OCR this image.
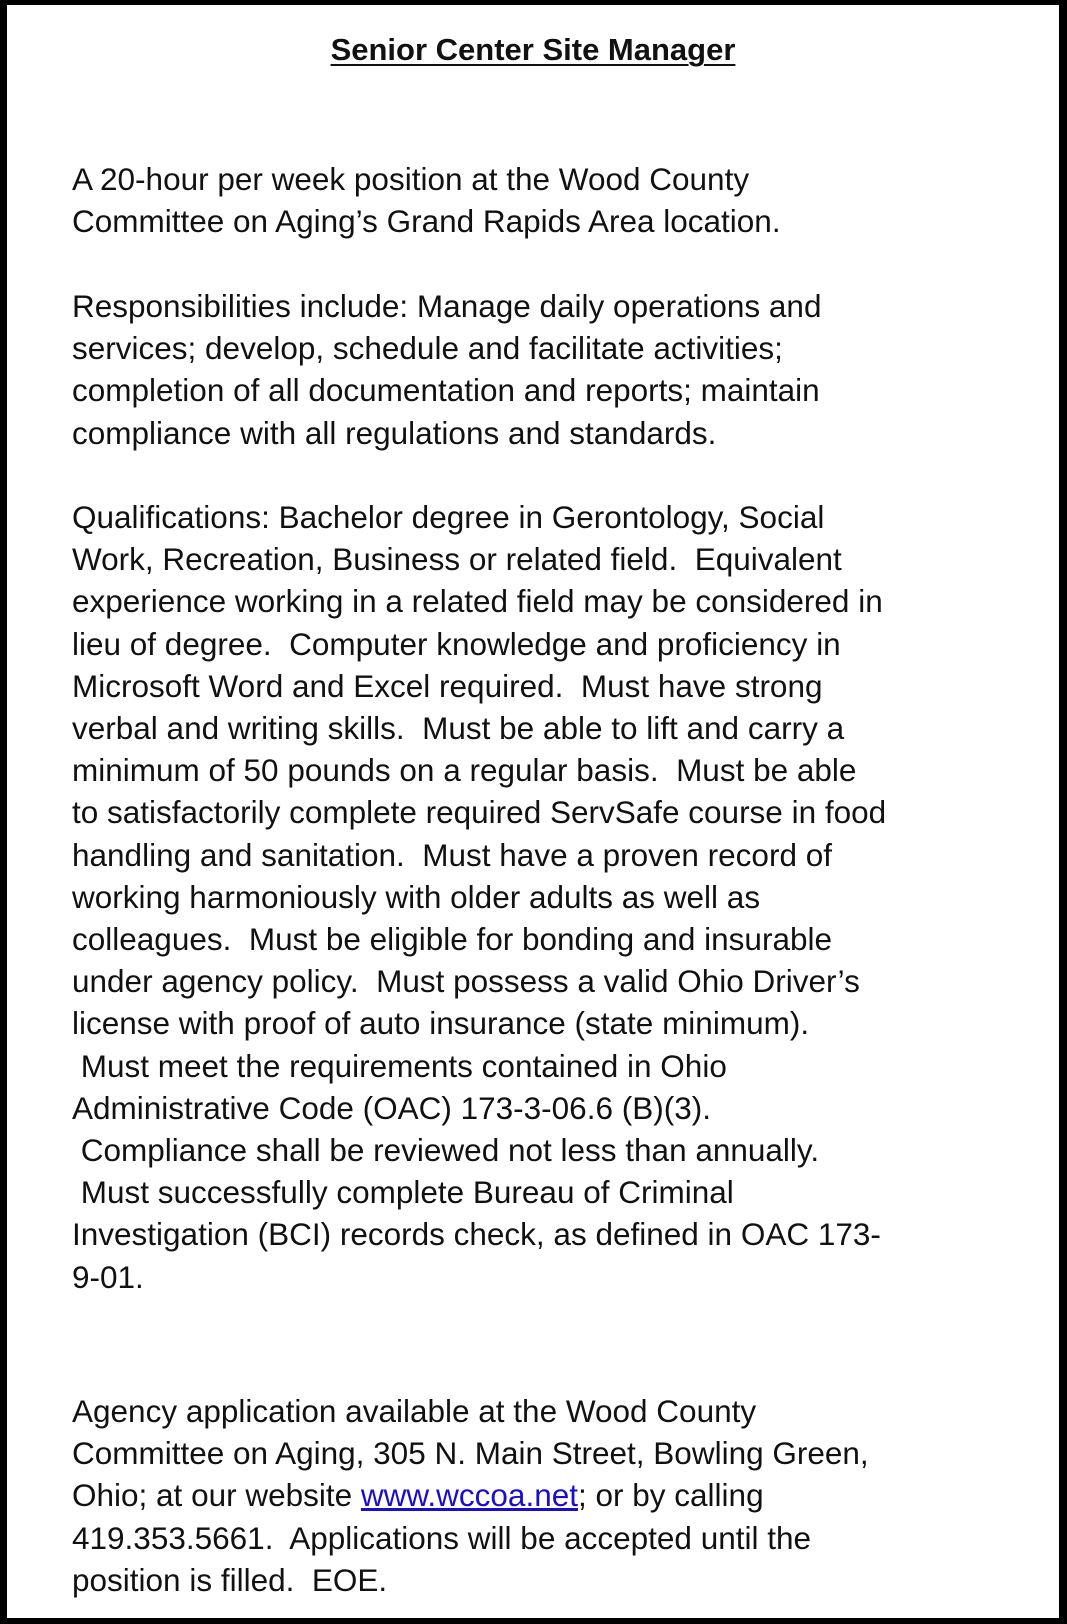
Senior Center Site Manager
A 20-hour per week position at the Wood County
Committee on Aging’s Grand Rapids Area location.
Responsibilities include: Manage daily operations and
services; develop, schedule and facilitate activities;
completion of all documentation and reports; maintain
compliance with all regulations and standards.
Qualifications: Bachelor degree in Gerontology, Social
Work, Recreation, Business or related field.  Equivalent
experience working in a related field may be considered in
lieu of degree.  Computer knowledge and proficiency in
Microsoft Word and Excel required.  Must have strong
verbal and writing skills.  Must be able to lift and carry a
minimum of 50 pounds on a regular basis.  Must be able
to satisfactorily complete required ServSafe course in food
handling and sanitation.  Must have a proven record of
working harmoniously with older adults as well as
colleagues.  Must be eligible for bonding and insurable
under agency policy.  Must possess a valid Ohio Driver’s
license with proof of auto insurance (state minimum).
Must meet the requirements contained in Ohio
Administrative Code (OAC) 173-3-06.6 (B)(3).
Compliance shall be reviewed not less than annually.
Must successfully complete Bureau of Criminal
Investigation (BCI) records check, as defined in OAC 173-
9-01.
Agency application available at the Wood County
Committee on Aging, 305 N. Main Street, Bowling Green,
Ohio; at our website www.wccoa.net; or by calling
419.353.5661.  Applications will be accepted until the
position is filled.  EOE.
